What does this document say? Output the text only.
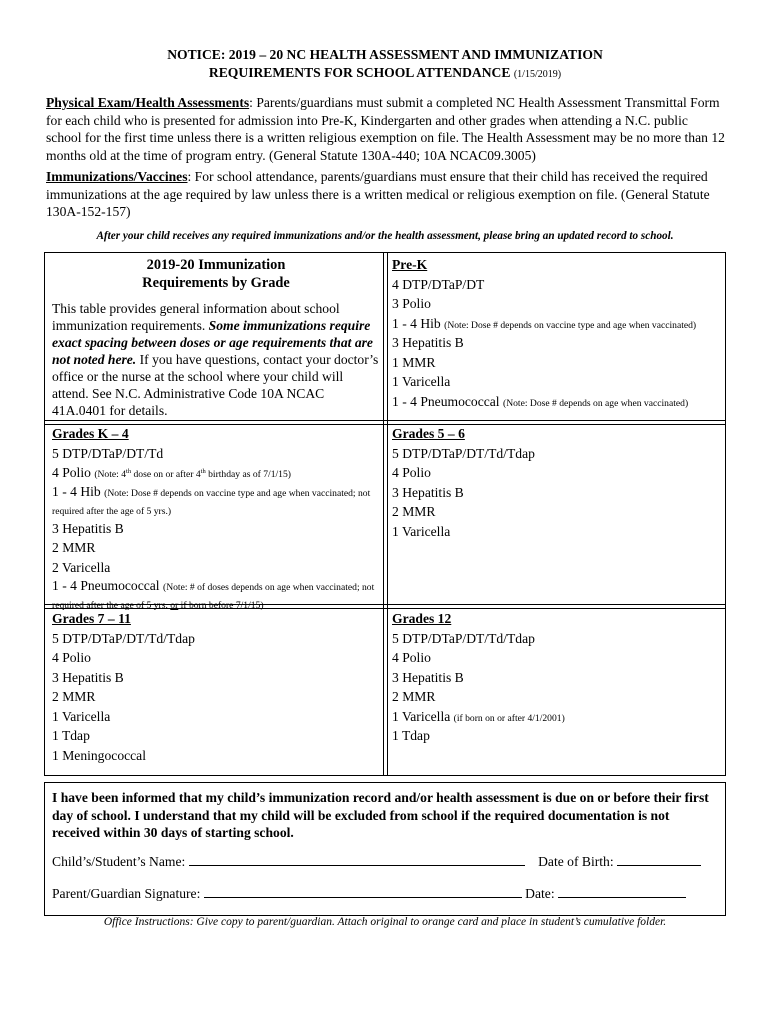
NOTICE: 2019 – 20 NC HEALTH ASSESSMENT AND IMMUNIZATION
REQUIREMENTS FOR SCHOOL ATTENDANCE (1/15/2019)
Physical Exam/Health Assessments: Parents/guardians must submit a completed NC Health Assessment Transmittal Form for each child who is presented for admission into Pre-K, Kindergarten and other grades when attending a N.C. public school for the first time unless there is a written religious exemption on file. The Health Assessment may be no more than 12 months old at the time of program entry. (General Statute 130A-440; 10A NCAC09.3005)
Immunizations/Vaccines: For school attendance, parents/guardians must ensure that their child has received the required immunizations at the age required by law unless there is a written medical or religious exemption on file. (General Statute 130A-152-157)
After your child receives any required immunizations and/or the health assessment, please bring an updated record to school.
2019-20 Immunization
Requirements by Grade
This table provides general information about school immunization requirements. Some immunizations require exact spacing between doses or age requirements that are not noted here. If you have questions, contact your doctor’s office or the nurse at the school where your child will attend. See N.C. Administrative Code 10A NCAC 41A.0401 for details.
Pre-K
4 DTP/DTaP/DT
3 Polio
1 - 4 Hib (Note: Dose # depends on vaccine type and age when vaccinated)
3 Hepatitis B
1 MMR
1 Varicella
1 - 4 Pneumococcal (Note: Dose # depends on age when vaccinated)
Grades K – 4
5 DTP/DTaP/DT/Td
4 Polio (Note: 4th dose on or after 4th birthday as of 7/1/15)
1 - 4 Hib (Note: Dose # depends on vaccine type and age when vaccinated; not required after the age of 5 yrs.)
3 Hepatitis B
2 MMR
2 Varicella
1 - 4 Pneumococcal (Note: # of doses depends on age when vaccinated; not required after the age of 5 yrs. or if born before 7/1/15)
Grades 5 – 6
5 DTP/DTaP/DT/Td/Tdap
4 Polio
3 Hepatitis B
2 MMR
1 Varicella
Grades 7 – 11
5 DTP/DTaP/DT/Td/Tdap
4 Polio
3 Hepatitis B
2 MMR
1 Varicella
1 Tdap
1 Meningococcal
Grades 12
5 DTP/DTaP/DT/Td/Tdap
4 Polio
3 Hepatitis B
2 MMR
1 Varicella (if born on or after 4/1/2001)
1 Tdap
I have been informed that my child’s immunization record and/or health assessment is due on or before their first day of school. I understand that my child will be excluded from school if the required documentation is not received within 30 days of starting school.
Child’s/Student’s Name:	Date of Birth:
Parent/Guardian Signature:	Date:
Office Instructions: Give copy to parent/guardian. Attach original to orange card and place in student’s cumulative folder.
